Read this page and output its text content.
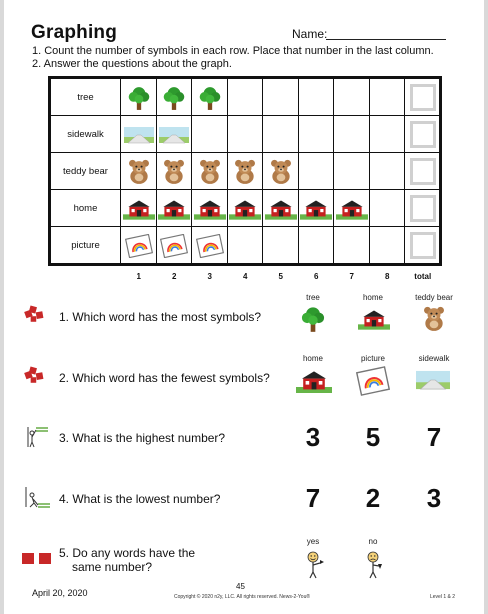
Graphing	Name:
1. Count the number of symbols in each row. Place that number in the last column.
2. Answer the questions about the graph.
tree
sidewalk
teddy bear
home
picture
1	2	3	4	5	6	7	8	total
1. Which word has the most symbols?
tree	home	teddy bear
2. Which word has the fewest symbols?
home	picture	sidewalk
3. What is the highest number?	3	5	7
4. What is the lowest number?	7	2	3
5. Do any words have the
same number?
yes	no
April 20, 2020
45
Copyright © 2020 n2y, LLC. All rights reserved. News-2-You®	Level 1 & 2
